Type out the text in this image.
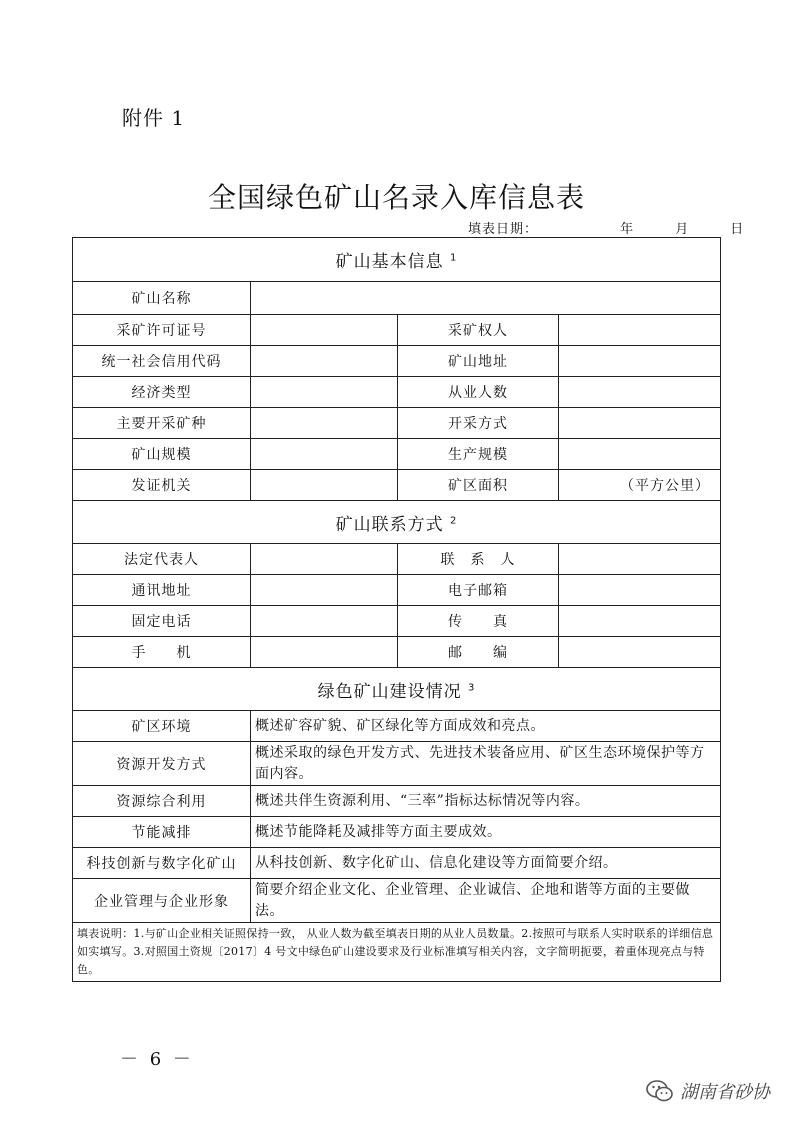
附件 1
全国绿色矿山名录入库信息表
填表日期：	年	月	日
矿山基本信息 $^1$
矿山名称			
采矿许可证号		采矿权人	
统一社会信用代码		矿山地址	
经济类型		从业人数	
主要开采矿种		开采方式	
矿山规模		生产规模	
发证机关		矿区面积	（平方公里）
矿山联系方式 $^2$
法定代表人		联　系　人	
通讯地址		电子邮箱	
固定电话		传　　真	
手　　机		邮　　编	
绿色矿山建设情况 $^3$
矿区环境	概述矿容矿貌、矿区绿化等方面成效和亮点。		
资源开发方式	概述采取的绿色开发方式、先进技术装备应用、矿区生态环境保护等方面内容。		
资源综合利用	概述共伴生资源利用、“三率”指标达标情况等内容。		
节能减排	概述节能降耗及减排等方面主要成效。		
科技创新与数字化矿山	从科技创新、数字化矿山、信息化建设等方面简要介绍。		
企业管理与企业形象	简要介绍企业文化、企业管理、企业诚信、企地和谐等方面的主要做法。		
填表说明：1.与矿山企业相关证照保持一致， 从业人数为截至填表日期的从业人员数量。2.按照可与联系人实时联系的详细信息如实填写。3.对照国土资规〔2017〕4 号文中绿色矿山建设要求及行业标准填写相关内容，文字简明扼要，着重体现亮点与特色。			
－ 6 －
湖南省砂协
